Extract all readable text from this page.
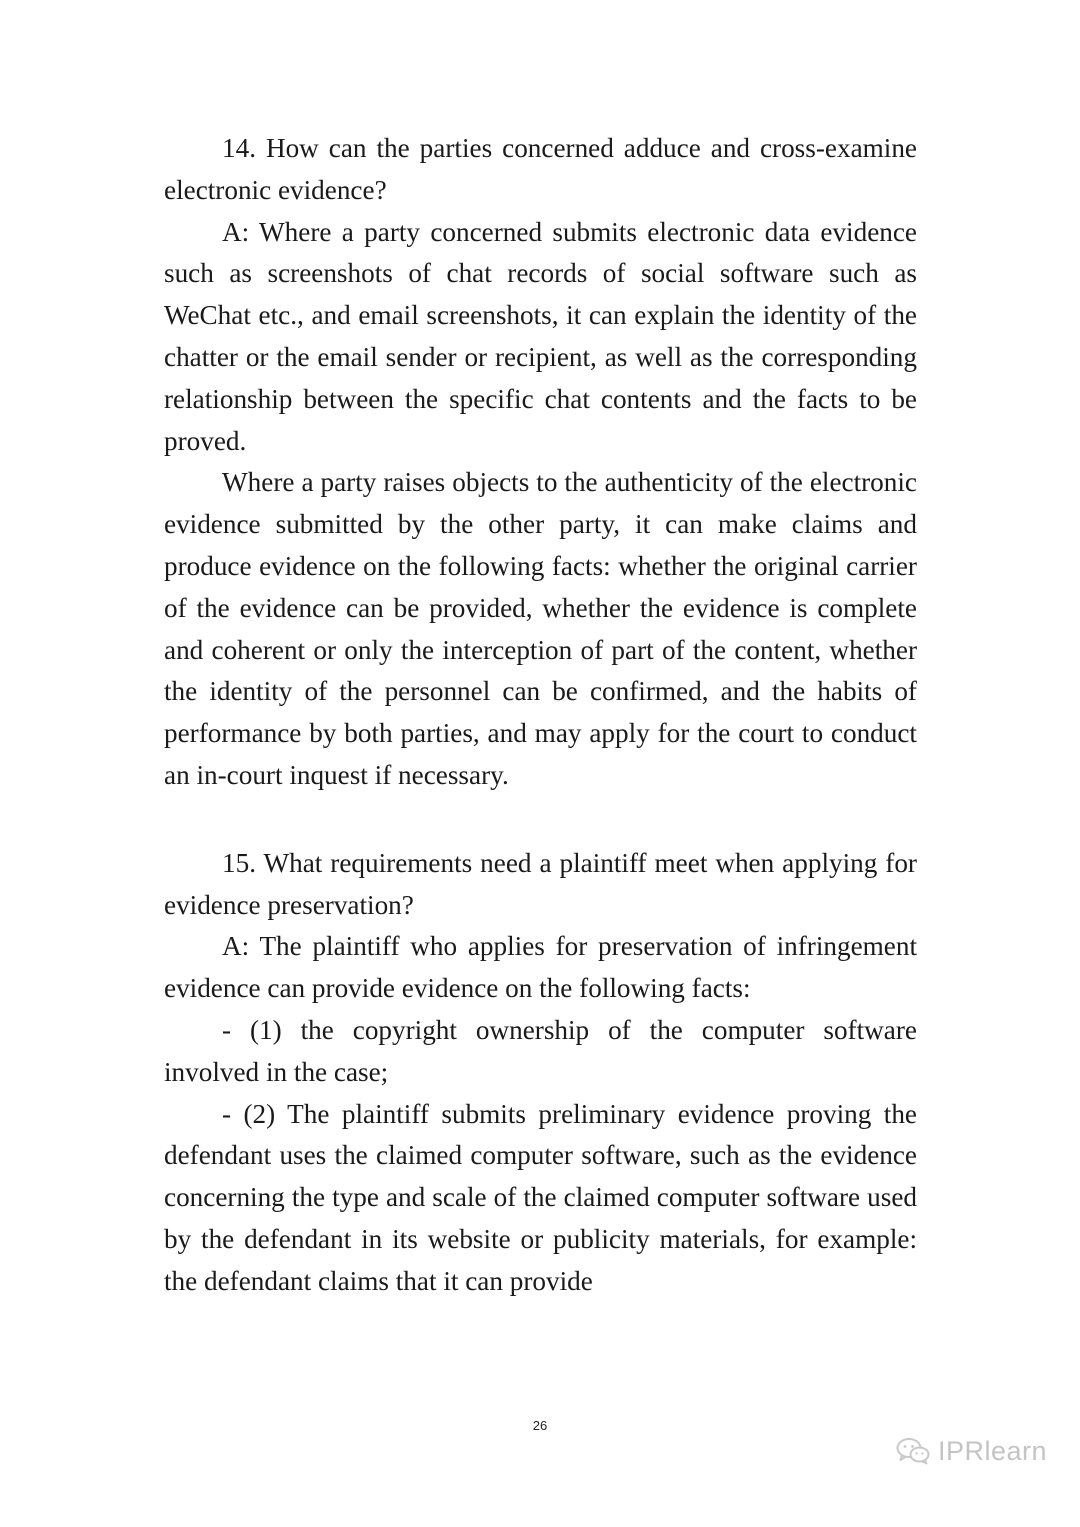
14. How can the parties concerned adduce and cross-examine electronic evidence?

A: Where a party concerned submits electronic data evidence such as screenshots of chat records of social software such as WeChat etc., and email screenshots, it can explain the identity of the chatter or the email sender or recipient, as well as the corresponding relationship between the specific chat contents and the facts to be proved.

Where a party raises objects to the authenticity of the electronic evidence submitted by the other party, it can make claims and produce evidence on the following facts: whether the original carrier of the evidence can be provided, whether the evidence is complete and coherent or only the interception of part of the content, whether the identity of the personnel can be confirmed, and the habits of performance by both parties, and may apply for the court to conduct an in-court inquest if necessary.

15. What requirements need a plaintiff meet when applying for evidence preservation?

A: The plaintiff who applies for preservation of infringement evidence can provide evidence on the following facts:

- (1) the copyright ownership of the computer software involved in the case;

- (2) The plaintiff submits preliminary evidence proving the defendant uses the claimed computer software, such as the evidence concerning the type and scale of the claimed computer software used by the defendant in its website or publicity materials, for example: the defendant claims that it can provide

26
IPRlearn
